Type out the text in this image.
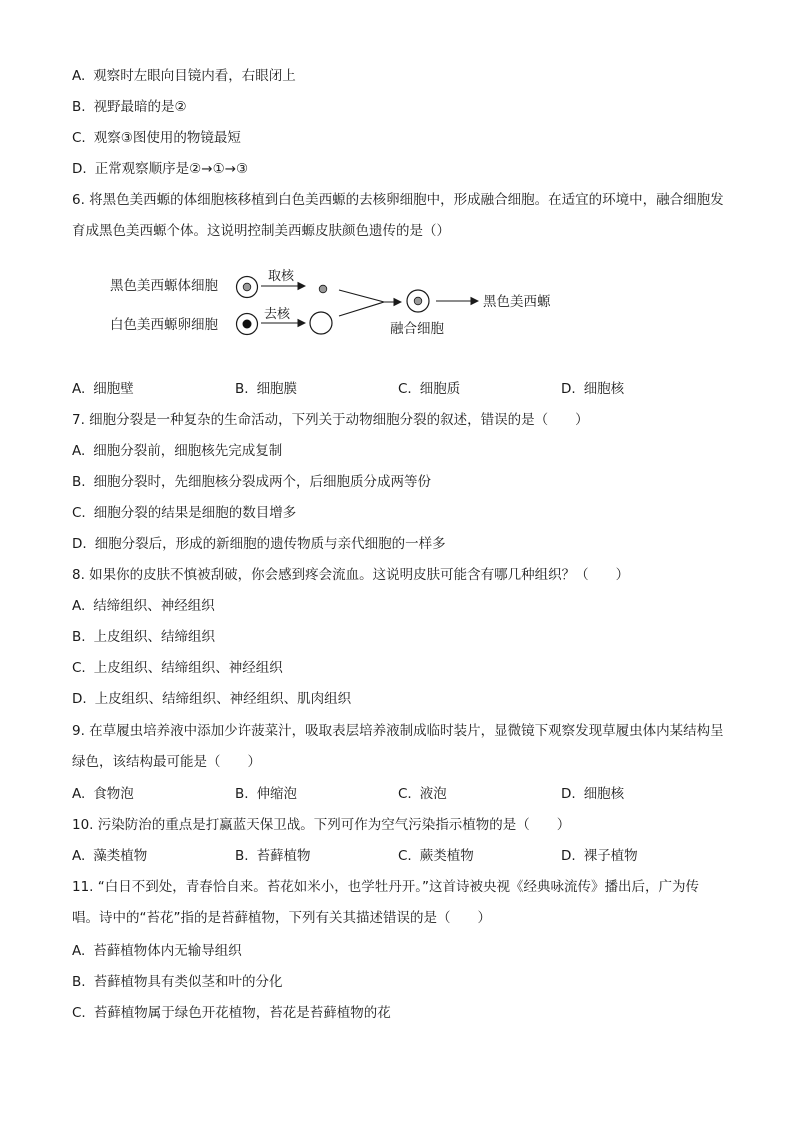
A. 观察时左眼向目镜内看，右眼闭上
B. 视野最暗的是②
C. 观察③图使用的物镜最短
D. 正常观察顺序是②→①→③
6. 将黑色美西螈的体细胞核移植到白色美西螈的去核卵细胞中，形成融合细胞。在适宜的环境中，融合细胞发育成黑色美西螈个体。这说明控制美西螈皮肤颜色遗传的是（）
黑色美西螈体细胞
白色美西螈卵细胞
取核
去核
融合细胞
黑色美西螈
A. 细胞壁	B. 细胞膜	C. 细胞质	D. 细胞核
7. 细胞分裂是一种复杂的生命活动，下列关于动物细胞分裂的叙述，错误的是（　　）
A. 细胞分裂前，细胞核先完成复制
B. 细胞分裂时，先细胞核分裂成两个，后细胞质分成两等份
C. 细胞分裂的结果是细胞的数目增多
D. 细胞分裂后，形成的新细胞的遗传物质与亲代细胞的一样多
8. 如果你的皮肤不慎被刮破，你会感到疼会流血。这说明皮肤可能含有哪几种组织？（　　）
A. 结缔组织、神经组织
B. 上皮组织、结缔组织
C. 上皮组织、结缔组织、神经组织
D. 上皮组织、结缔组织、神经组织、肌肉组织
9. 在草履虫培养液中添加少许菠菜汁，吸取表层培养液制成临时装片，显微镜下观察发现草履虫体内某结构呈绿色，该结构最可能是（　　）
A. 食物泡	B. 伸缩泡	C. 液泡	D. 细胞核
10. 污染防治的重点是打赢蓝天保卫战。下列可作为空气污染指示植物的是（　　）
A. 藻类植物	B. 苔藓植物	C. 蕨类植物	D. 裸子植物
11. “白日不到处，青春恰自来。苔花如米小，也学牡丹开。”这首诗被央视《经典咏流传》播出后，广为传唱。诗中的“苔花”指的是苔藓植物，下列有关其描述错误的是（　　）
A. 苔藓植物体内无输导组织
B. 苔藓植物具有类似茎和叶的分化
C. 苔藓植物属于绿色开花植物，苔花是苔藓植物的花
